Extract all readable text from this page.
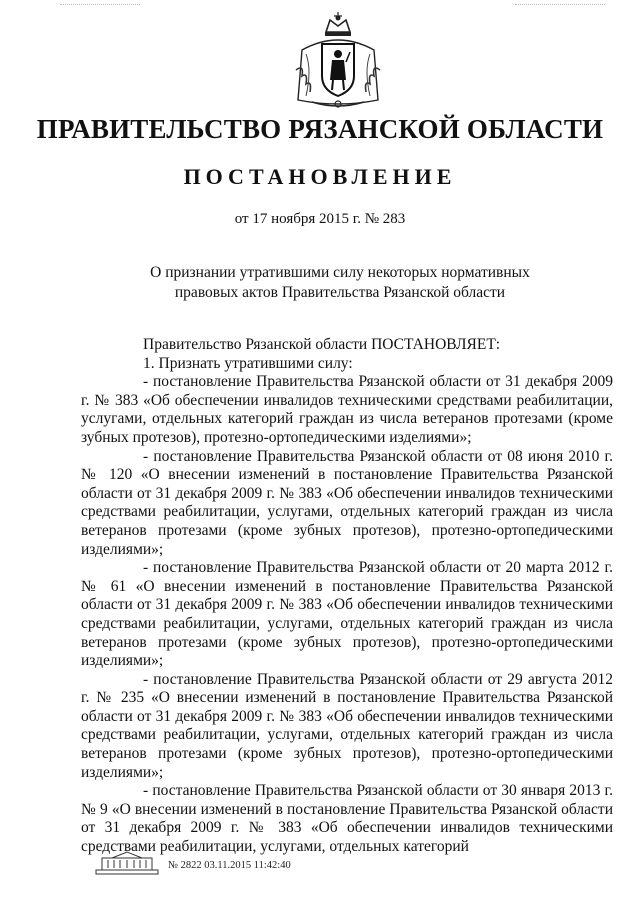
ПРАВИТЕЛЬСТВО РЯЗАНСКОЙ ОБЛАСТИ
ПОСТАНОВЛЕНИЕ
от 17 ноября 2015 г. № 283
О признании утратившими силу некоторых нормативных
правовых актов Правительства Рязанской области

Правительство Рязанской области ПОСТАНОВЛЯЕТ:

1. Признать утратившими силу:

- постановление Правительства Рязанской области от 31 декабря 2009 г. № 383 «Об обеспечении инвалидов техническими средствами реабилитации, услугами, отдельных категорий граждан из числа ветеранов протезами (кроме зубных протезов), протезно-ортопедическими изделиями»;

- постановление Правительства Рязанской области от 08 июня 2010 г. № 120 «О внесении изменений в постановление Правительства Рязанской области от 31 декабря 2009 г. № 383 «Об обеспечении инвалидов техническими средствами реабилитации, услугами, отдельных категорий граждан из числа ветеранов протезами (кроме зубных протезов), протезно-ортопедическими изделиями»;

- постановление Правительства Рязанской области от 20 марта 2012 г. № 61 «О внесении изменений в постановление Правительства Рязанской области от 31 декабря 2009 г. № 383 «Об обеспечении инвалидов техническими средствами реабилитации, услугами, отдельных категорий граждан из числа ветеранов протезами (кроме зубных протезов), протезно-ортопедическими изделиями»;

- постановление Правительства Рязанской области от 29 августа 2012 г. № 235 «О внесении изменений в постановление Правительства Рязанской области от 31 декабря 2009 г. № 383 «Об обеспечении инвалидов техническими средствами реабилитации, услугами, отдельных категорий граждан из числа ветеранов протезами (кроме зубных протезов), протезно-ортопедическими изделиями»;

- постановление Правительства Рязанской области от 30 января 2013 г. № 9 «О внесении изменений в постановление Правительства Рязанской области от 31 декабря 2009 г. № 383 «Об обеспечении инвалидов техническими средствами реабилитации, услугами, отдельных категорий

№ 2822 03.11.2015 11:42:40
